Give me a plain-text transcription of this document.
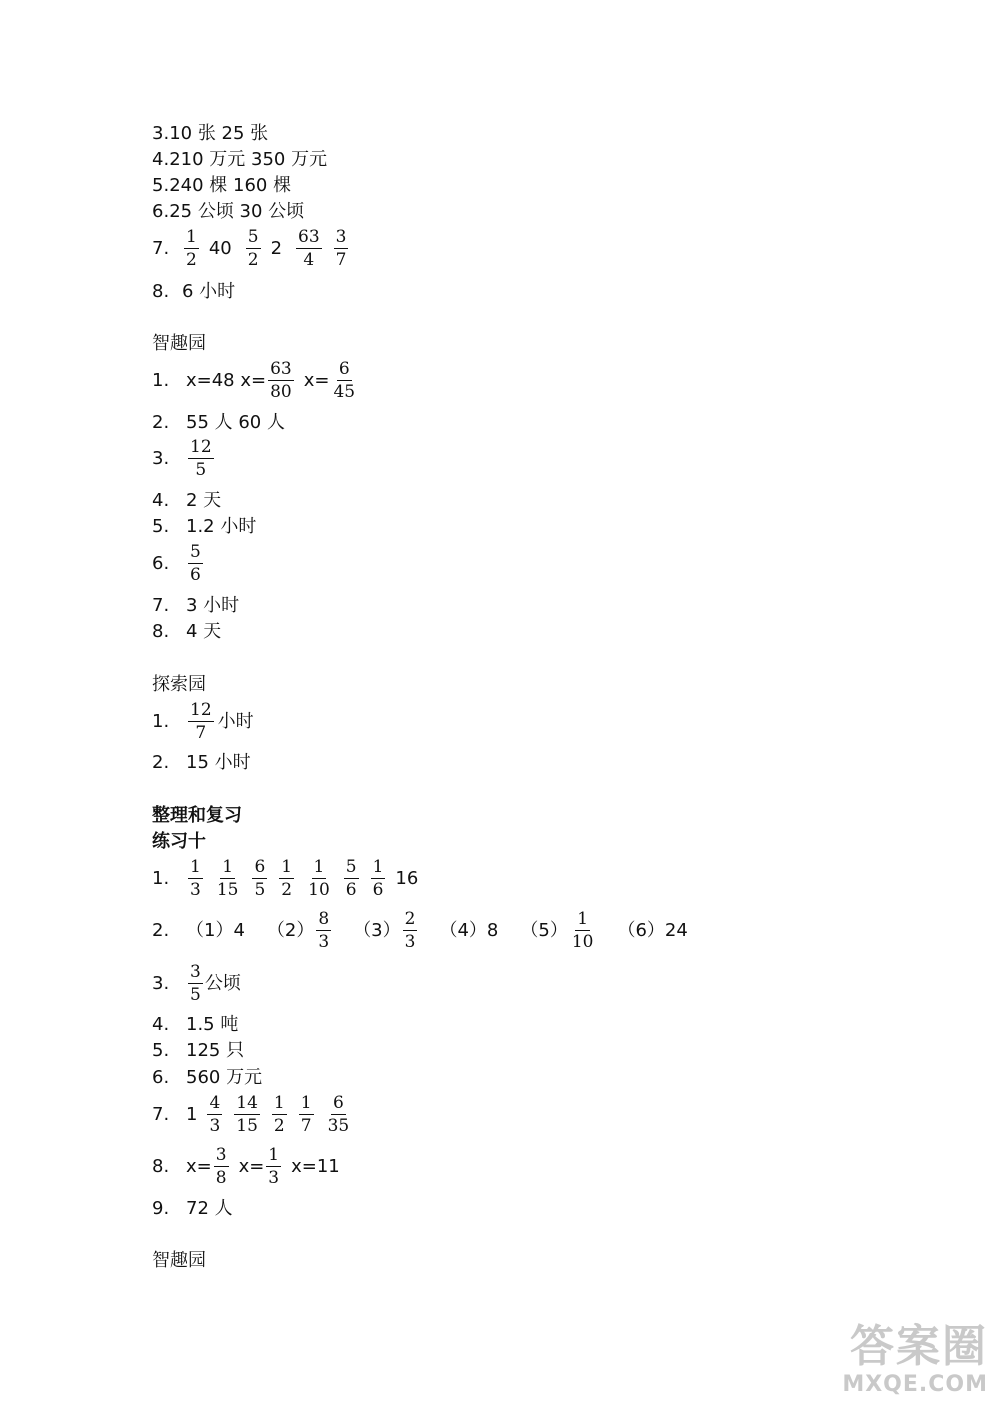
3. 10 张 25 张
4. 210 万元 350 万元
5. 240 棵 160 棵
6. 25 公顷 30 公顷
7. $\frac{1}{2} 40 \frac{5}{2} 2 \frac{63}{4} \frac{3}{7}$
8. 6 小时
智趣园
1. x=48 $x= \frac{63}{80} x= \frac{6}{45}$
2. 55 人 60 人
3.	$\frac{12}{5}$
4. 2 天
5. 1.2 小时
6.	$\frac{5}{6}$
7. 3 小时
8. 4 天
探索园
1.	$\frac{12}{7}$ 小时
2. 15 小时
整理和复习
练习十
1.	$\frac{1}{3} \frac{1}{15} \frac{6}{5} \frac{1}{2} \frac{1}{10} \frac{5}{6} \frac{1}{6} 16$
2. （1）4 $(2) \frac{8}{3} (3) \frac{2}{3} (4)8$ $(5) \frac{1}{10} (6)24$
3.	$\frac{3}{5}$ 公顷
4. 1.5 吨
5. 125 只
6. 560 万元
7. $1 \frac{4}{3} \frac{14}{15} \frac{1}{2} \frac{1}{7} \frac{6}{35}$
8. $x= \frac{3}{8} x= \frac{1}{3} x=11$
9. 72 人
智趣园
答案圈
MXQE.COM
